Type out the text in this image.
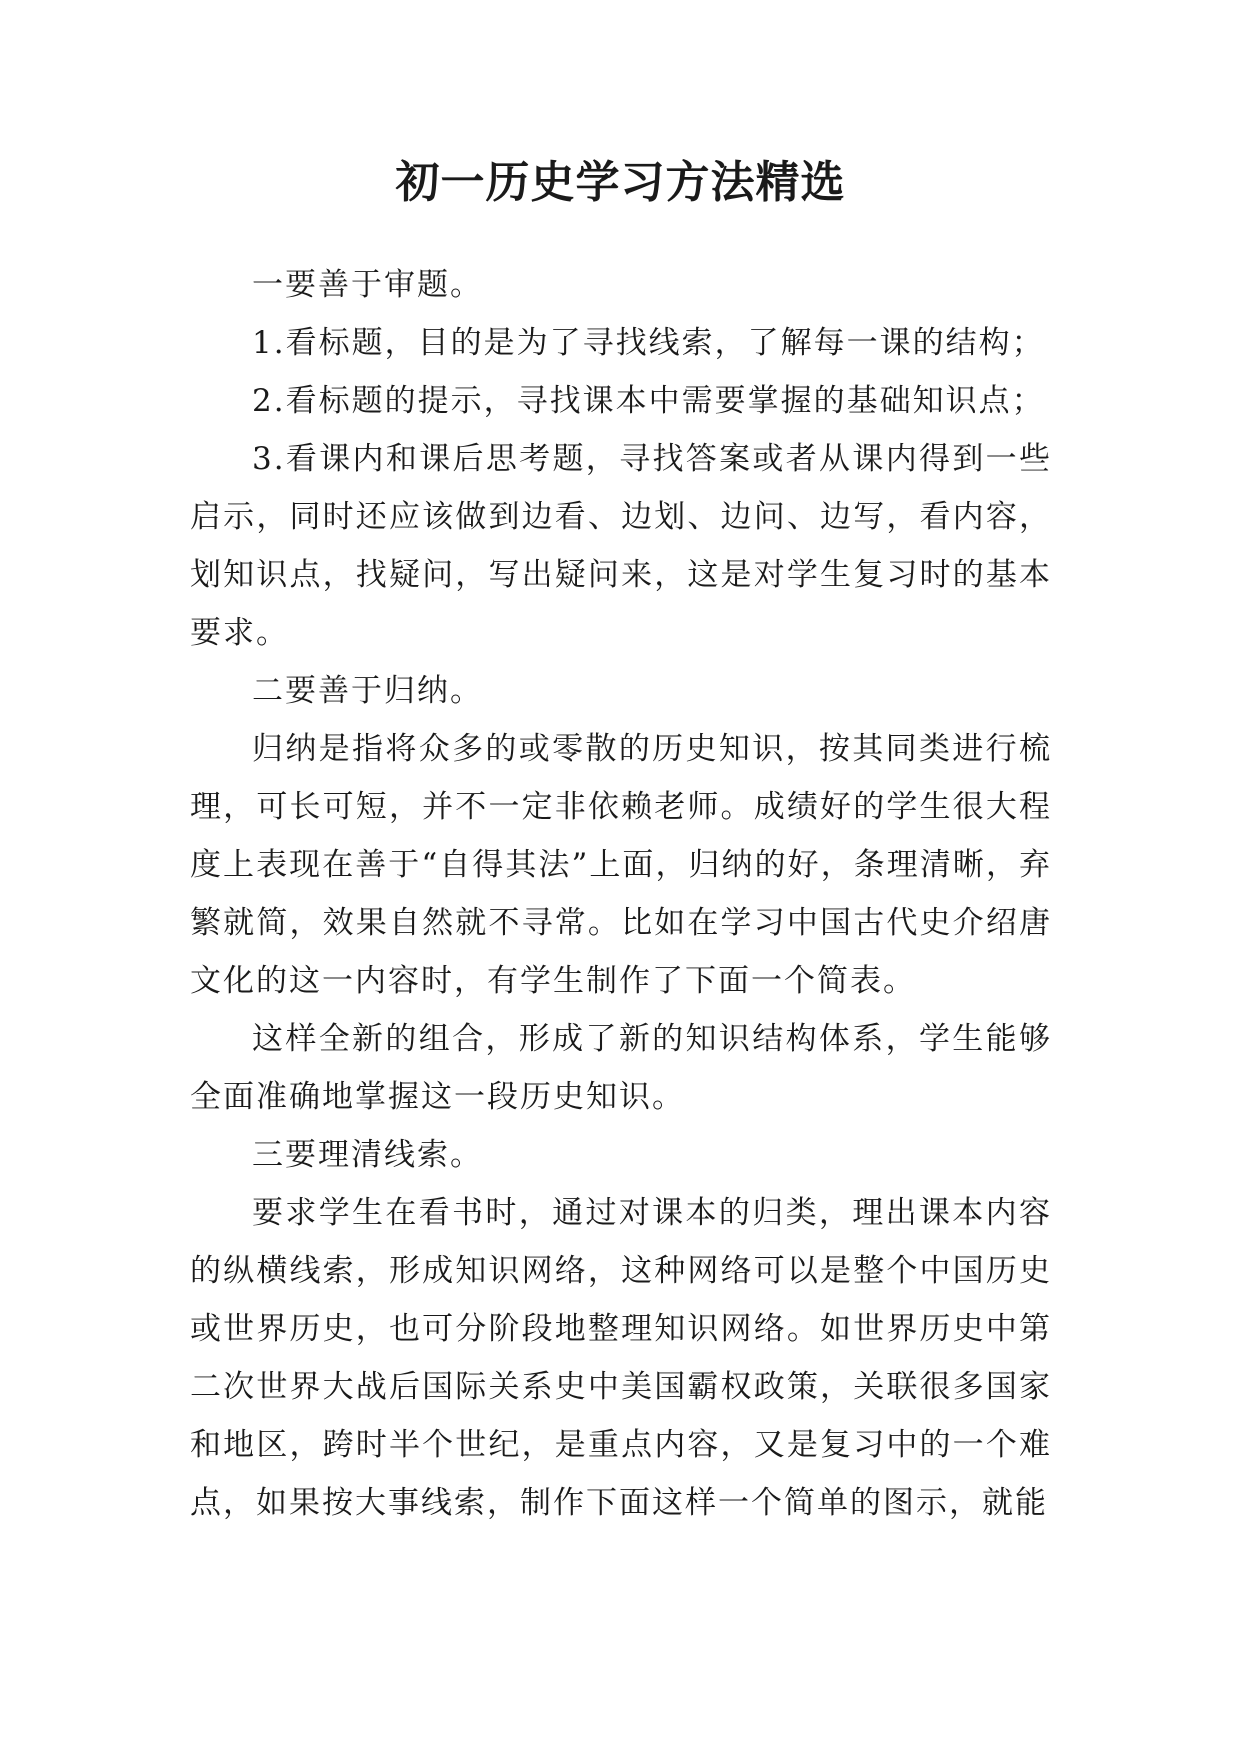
初一历史学习方法精选

一要善于审题。

1.看标题，目的是为了寻找线索，了解每一课的结构；

2.看标题的提示，寻找课本中需要掌握的基础知识点；

3.看课内和课后思考题，寻找答案或者从课内得到一些启示，同时还应该做到边看、边划、边问、边写，看内容，划知识点，找疑问，写出疑问来，这是对学生复习时的基本要求。

二要善于归纳。

归纳是指将众多的或零散的历史知识，按其同类进行梳理，可长可短，并不一定非依赖老师。成绩好的学生很大程度上表现在善于“自得其法”上面，归纳的好，条理清晰，弃繁就简，效果自然就不寻常。比如在学习中国古代史介绍唐文化的这一内容时，有学生制作了下面一个简表。

这样全新的组合，形成了新的知识结构体系，学生能够全面准确地掌握这一段历史知识。

三要理清线索。

要求学生在看书时，通过对课本的归类，理出课本内容的纵横线索，形成知识网络，这种网络可以是整个中国历史或世界历史，也可分阶段地整理知识网络。如世界历史中第二次世界大战后国际关系史中美国霸权政策，关联很多国家和地区，跨时半个世纪，是重点内容，又是复习中的一个难点，如果按大事线索，制作下面这样一个简单的图示，就能
